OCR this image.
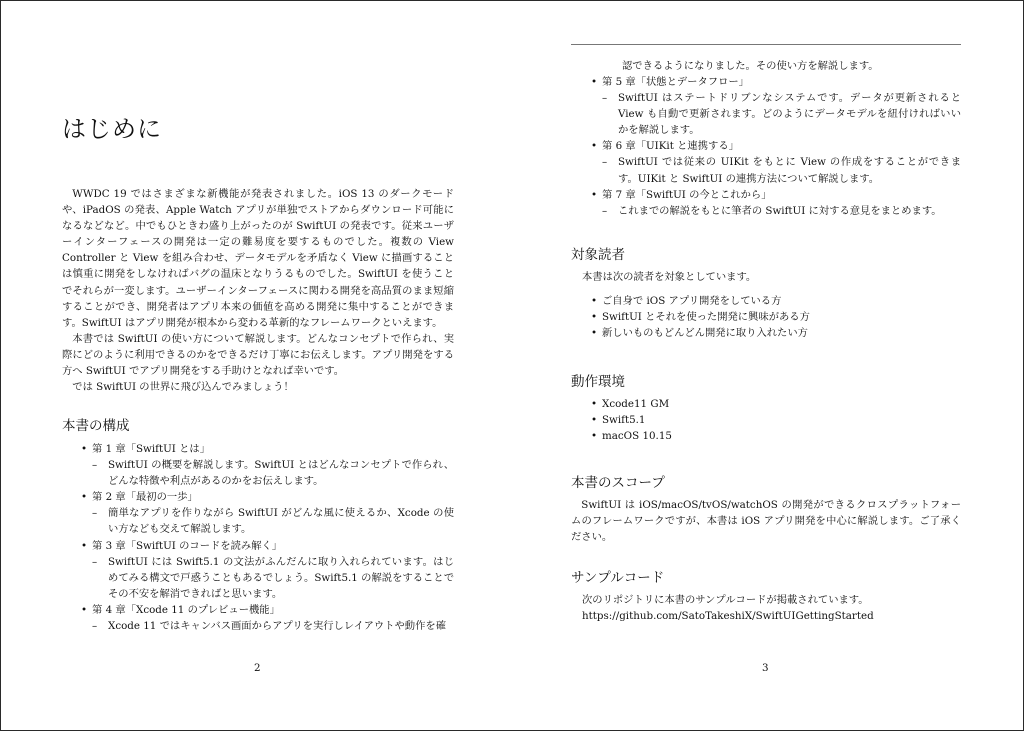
はじめに

WWDC 19 ではさまざまな新機能が発表されました。iOS 13 のダークモードや、iPadOS の発表、Apple Watch アプリが単独でストアからダウンロード可能になるなどなど。中でもひときわ盛り上がったのが SwiftUI の発表です。従来ユーザーインターフェースの開発は一定の難易度を要するものでした。複数の View Controller と View を組み合わせ、データモデルを矛盾なく View に描画することは慎重に開発をしなければバグの温床となりうるものでした。SwiftUI を使うことでそれらが一変します。ユーザーインターフェースに関わる開発を高品質のまま短縮することができ、開発者はアプリ本来の価値を高める開発に集中することができます。SwiftUI はアプリ開発が根本から変わる革新的なフレームワークといえます。

本書では SwiftUI の使い方について解説します。どんなコンセプトで作られ、実際にどのように利用できるのかをできるだけ丁寧にお伝えします。アプリ開発をする方へ SwiftUI でアプリ開発をする手助けとなれば幸いです。

では SwiftUI の世界に飛び込んでみましょう！

本書の構成
• 第 1 章「SwiftUI とは」
– SwiftUI の概要を解説します。SwiftUI とはどんなコンセプトで作られ、どんな特徴や利点があるのかをお伝えします。
• 第 2 章「最初の一歩」
– 簡単なアプリを作りながら SwiftUI がどんな風に使えるか、Xcode の使い方なども交えて解説します。
• 第 3 章「SwiftUI のコードを読み解く」
– SwiftUI には Swift5.1 の文法がふんだんに取り入れられています。はじめてみる構文で戸惑うこともあるでしょう。Swift5.1 の解説をすることでその不安を解消できればと思います。
• 第 4 章「Xcode 11 のプレビュー機能」
– Xcode 11 ではキャンバス画面からアプリを実行しレイアウトや動作を確
2
認できるようになりました。その使い方を解説します。
• 第 5 章「状態とデータフロー」
– SwiftUI はステートドリブンなシステムです。データが更新されると View も自動で更新されます。どのようにデータモデルを紐付ければいいかを解説します。
• 第 6 章「UIKit と連携する」
– SwiftUI では従来の UIKit をもとに View の作成をすることができます。UIKit と SwiftUI の連携方法について解説します。
• 第 7 章「SwiftUI の今とこれから」
– これまでの解説をもとに筆者の SwiftUI に対する意見をまとめます。
対象読者

本書は次の読者を対象としています。

• ご自身で iOS アプリ開発をしている方
• SwiftUI とそれを使った開発に興味がある方
• 新しいものもどんどん開発に取り入れたい方
動作環境
• Xcode11 GM
• Swift5.1
• macOS 10.15
本書のスコープ

SwiftUI は iOS/macOS/tvOS/watchOS の開発ができるクロスプラットフォームのフレームワークですが、本書は iOS アプリ開発を中心に解説します。ご了承ください。

サンプルコード

次のリポジトリに本書のサンプルコードが掲載されています。

https://github.com/SatoTakeshiX/SwiftUIGettingStarted

3
